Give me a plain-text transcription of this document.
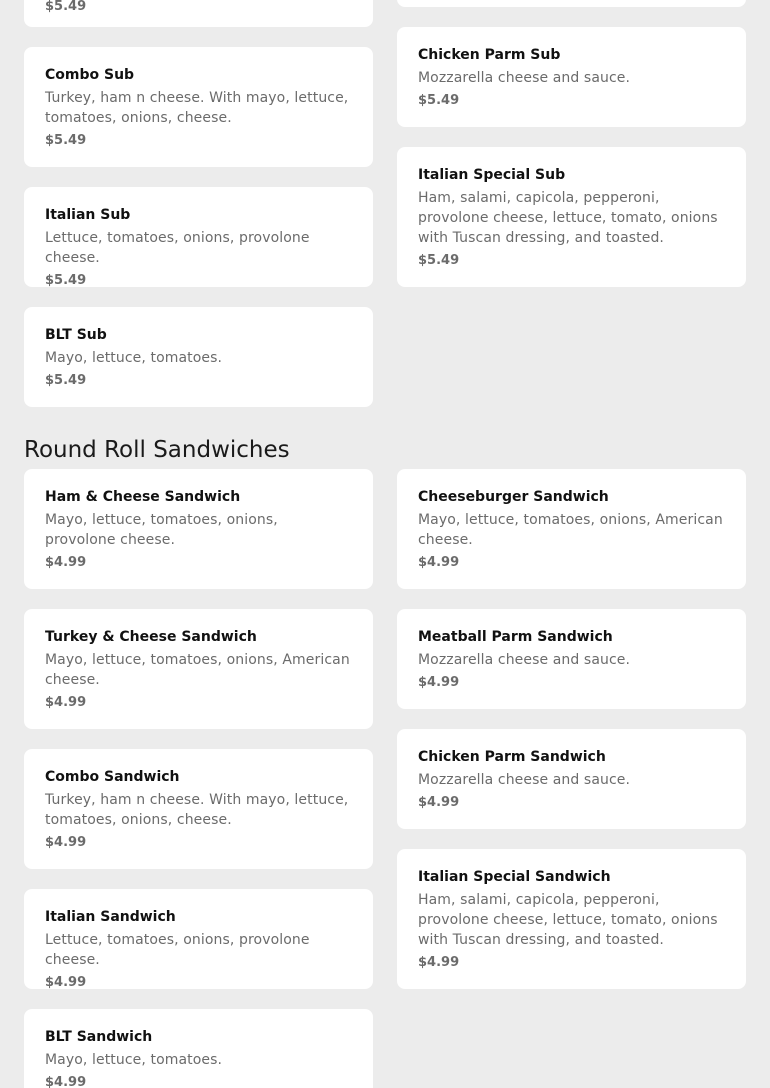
$5.49
Combo Sub
Turkey, ham n cheese. With mayo, lettuce, tomatoes, onions, cheese.
$5.49
Italian Sub
Lettuce, tomatoes, onions, provolone cheese.
$5.49
BLT Sub
Mayo, lettuce, tomatoes.
$5.49
Chicken Parm Sub
Mozzarella cheese and sauce.
$5.49
Italian Special Sub
Ham, salami, capicola, pepperoni, provolone cheese, lettuce, tomato, onions with Tuscan dressing, and toasted.
$5.49
Round Roll Sandwiches
Ham & Cheese Sandwich
Mayo, lettuce, tomatoes, onions, provolone cheese.
$4.99
Turkey & Cheese Sandwich
Mayo, lettuce, tomatoes, onions, American cheese.
$4.99
Combo Sandwich
Turkey, ham n cheese. With mayo, lettuce, tomatoes, onions, cheese.
$4.99
Italian Sandwich
Lettuce, tomatoes, onions, provolone cheese.
$4.99
BLT Sandwich
Mayo, lettuce, tomatoes.
$4.99
Cheeseburger Sandwich
Mayo, lettuce, tomatoes, onions, American cheese.
$4.99
Meatball Parm Sandwich
Mozzarella cheese and sauce.
$4.99
Chicken Parm Sandwich
Mozzarella cheese and sauce.
$4.99
Italian Special Sandwich
Ham, salami, capicola, pepperoni, provolone cheese, lettuce, tomato, onions with Tuscan dressing, and toasted.
$4.99
